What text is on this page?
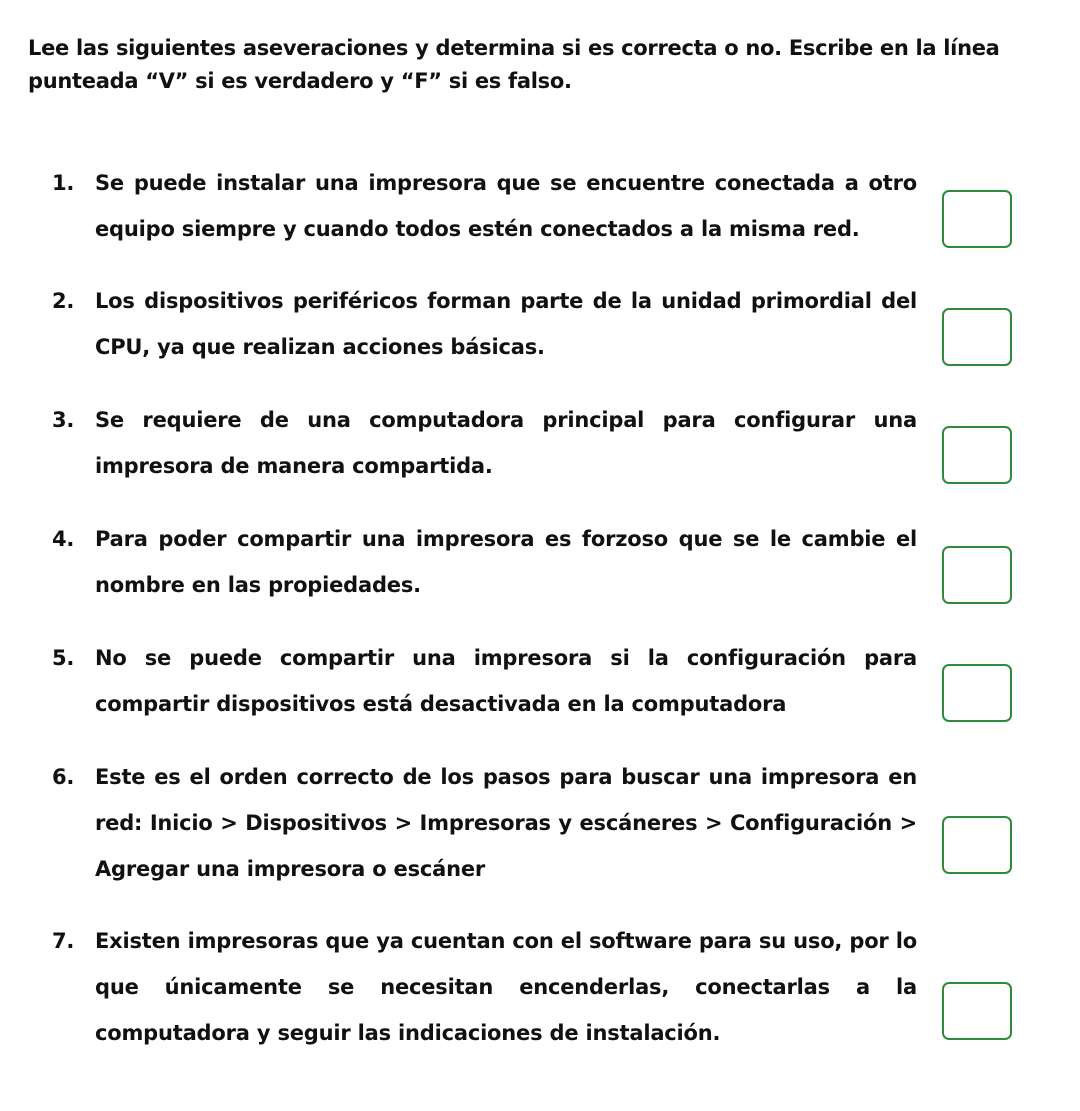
Lee las siguientes aseveraciones y determina si es correcta o no. Escribe en la línea punteada “V” si es verdadero y “F” si es falso.
1. Se puede instalar una impresora que se encuentre conectada a otro equipo siempre y cuando todos estén conectados a la misma red.
2. Los dispositivos periféricos forman parte de la unidad primordial del CPU, ya que realizan acciones básicas.
3. Se requiere de una computadora principal para configurar una impresora de manera compartida.
4. Para poder compartir una impresora es forzoso que se le cambie el nombre en las propiedades.
5. No se puede compartir una impresora si la configuración para compartir dispositivos está desactivada en la computadora
6. Este es el orden correcto de los pasos para buscar una impresora en red: Inicio > Dispositivos > Impresoras y escáneres > Configuración > Agregar una impresora o escáner
7. Existen impresoras que ya cuentan con el software para su uso, por lo que únicamente se necesitan encenderlas, conectarlas a la computadora y seguir las indicaciones de instalación.
